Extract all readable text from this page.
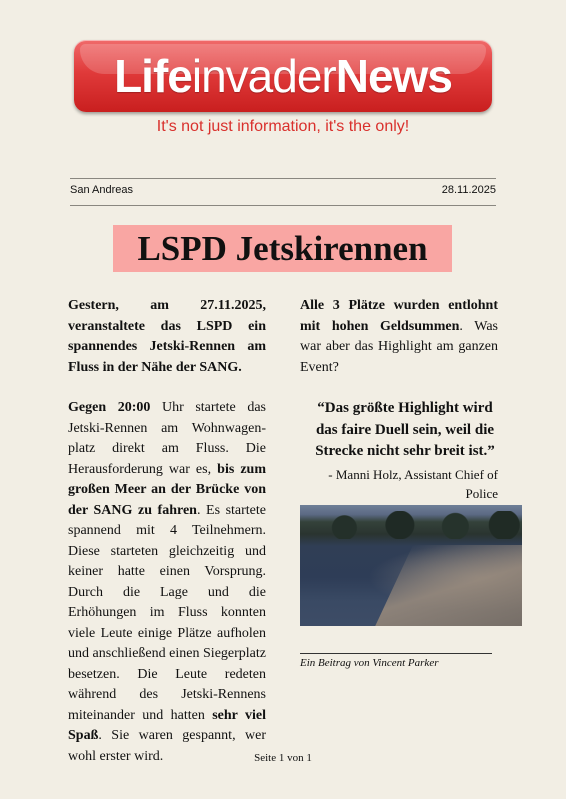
Life invader News
It's not just information, it's the only!
San Andreas	28.11.2025
LSPD Jetskirennen

Gestern, am 27.11.2025, veranstaltete das LSPD ein spannendes Jetski-Rennen am Fluss in der Nähe der SANG.

Gegen 20:00 Uhr startete das Jetski-Rennen am Wohnwagen-platz direkt am Fluss. Die Herausforderung war es, bis zum großen Meer an der Brücke von der SANG zu fahren. Es startete spannend mit 4 Teilnehmern. Diese starteten gleichzeitig und keiner hatte einen Vorsprung. Durch die Lage und die Erhöhungen im Fluss konnten viele Leute einige Plätze aufholen und anschließend einen Siegerplatz besetzen. Die Leute redeten während des Jetski-Rennens miteinander und hatten sehr viel Spaß. Sie waren gespannt, wer wohl erster wird.

Alle 3 Plätze wurden entlohnt mit hohen Geldsummen. Was war aber das Highlight am ganzen Event?

“Das größte Highlight wird das faire Duell sein, weil die Strecke nicht sehr breit ist.”
- Manni Holz, Assistant Chief of Police
Ein Beitrag von Vincent Parker
Seite 1 von 1
